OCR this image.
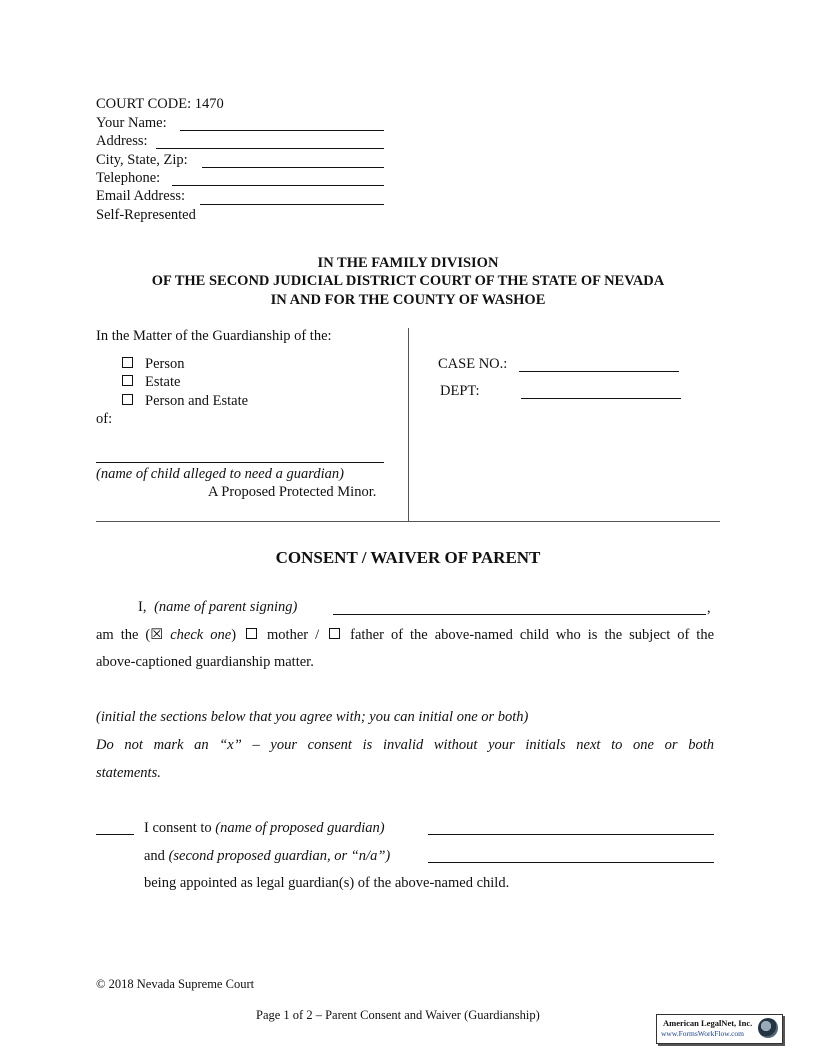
COURT CODE: 1470
Your Name:
Address:
City, State, Zip:
Telephone:
Email Address:
Self-Represented
IN THE FAMILY DIVISION
OF THE SECOND JUDICIAL DISTRICT COURT OF THE STATE OF NEVADA
IN AND FOR THE COUNTY OF WASHOE
In the Matter of the Guardianship of the:
Person
Estate
Person and Estate
of:
(name of child alleged to need a guardian)
A Proposed Protected Minor.
CASE NO.:
DEPT:
CONSENT / WAIVER OF PARENT
I, (name of parent signing)	,
am the (☒ check one) mother / father of the above-named child who is the subject of the
above-captioned guardianship matter.
(initial the sections below that you agree with; you can initial one or both)
Do not mark an “x” – your consent is invalid without your initials next to one or both
statements.
I consent to (name of proposed guardian)
and (second proposed guardian, or “n/a”)
being appointed as legal guardian(s) of the above-named child.
© 2018 Nevada Supreme Court
Page 1 of 2 – Parent Consent and Waiver (Guardianship)
American LegalNet, Inc.
www.FormsWorkFlow.com
